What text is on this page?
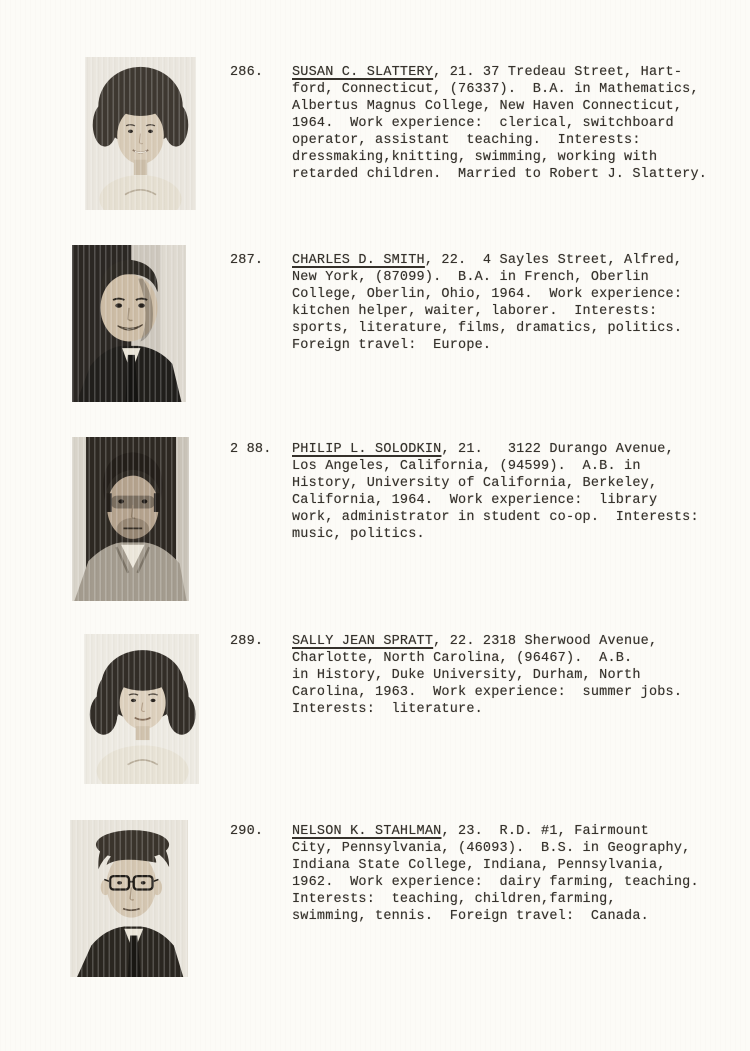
286.	SUSAN C. SLATTERY, 21. 37 Tredeau Street, Hart-
ford, Connecticut, (76337).  B.A. in Mathematics,
Albertus Magnus College, New Haven Connecticut,
1964.  Work experience:  clerical, switchboard
operator, assistant  teaching.  Interests:
dressmaking,knitting, swimming, working with
retarded children.  Married to Robert J. Slattery.
287.	CHARLES D. SMITH, 22.  4 Sayles Street, Alfred,
New York, (87099).  B.A. in French, Oberlin
College, Oberlin, Ohio, 1964.  Work experience:
kitchen helper, waiter, laborer.  Interests:
sports, literature, films, dramatics, politics.
Foreign travel:  Europe.
2 88.	PHILIP L. SOLODKIN, 21.   3122 Durango Avenue,
Los Angeles, California, (94599).  A.B. in
History, University of California, Berkeley,
California, 1964.  Work experience:  library
work, administrator in student co-op.  Interests:
music, politics.
289.	SALLY JEAN SPRATT, 22. 2318 Sherwood Avenue,
Charlotte, North Carolina, (96467).  A.B.
in History, Duke University, Durham, North
Carolina, 1963.  Work experience:  summer jobs.
Interests:  literature.
290.	NELSON K. STAHLMAN, 23.  R.D. #1, Fairmount
City, Pennsylvania, (46093).  B.S. in Geography,
Indiana State College, Indiana, Pennsylvania,
1962.  Work experience:  dairy farming, teaching.
Interests:  teaching, children,farming,
swimming, tennis.  Foreign travel:  Canada.
